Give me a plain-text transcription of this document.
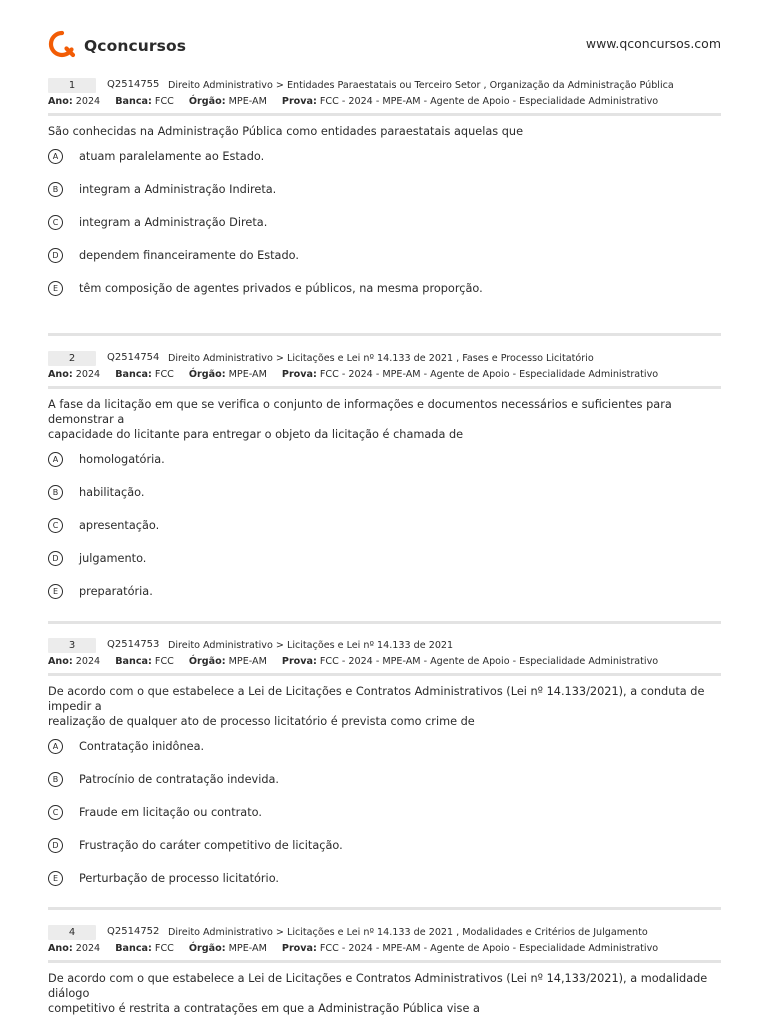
Qconcursos	www.qconcursos.com
1	Q2514755 Direito Administrativo > Entidades Paraestatais ou Terceiro Setor , Organização da Administração Pública
Ano: 2024 Banca: FCC Órgão: MPE-AM Prova: FCC - 2024 - MPE-AM - Agente de Apoio - Especialidade Administrativo
São conhecidas na Administração Pública como entidades paraestatais aquelas que
A	atuam paralelamente ao Estado.
B	integram a Administração Indireta.
C	integram a Administração Direta.
D	dependem financeiramente do Estado.
E	têm composição de agentes privados e públicos, na mesma proporção.
2	Q2514754 Direito Administrativo > Licitações e Lei nº 14.133 de 2021 , Fases e Processo Licitatório
Ano: 2024 Banca: FCC Órgão: MPE-AM Prova: FCC - 2024 - MPE-AM - Agente de Apoio - Especialidade Administrativo
A fase da licitação em que se verifica o conjunto de informações e documentos necessários e suficientes para demonstrar a
capacidade do licitante para entregar o objeto da licitação é chamada de
A	homologatória.
B	habilitação.
C	apresentação.
D	julgamento.
E	preparatória.
3	Q2514753 Direito Administrativo > Licitações e Lei nº 14.133 de 2021
Ano: 2024 Banca: FCC Órgão: MPE-AM Prova: FCC - 2024 - MPE-AM - Agente de Apoio - Especialidade Administrativo
De acordo com o que estabelece a Lei de Licitações e Contratos Administrativos (Lei nº 14.133/2021), a conduta de impedir a
realização de qualquer ato de processo licitatório é prevista como crime de
A	Contratação inidônea.
B	Patrocínio de contratação indevida.
C	Fraude em licitação ou contrato.
D	Frustração do caráter competitivo de licitação.
E	Perturbação de processo licitatório.
4	Q2514752 Direito Administrativo > Licitações e Lei nº 14.133 de 2021 , Modalidades e Critérios de Julgamento
Ano: 2024 Banca: FCC Órgão: MPE-AM Prova: FCC - 2024 - MPE-AM - Agente de Apoio - Especialidade Administrativo
De acordo com o que estabelece a Lei de Licitações e Contratos Administrativos (Lei nº 14,133/2021), a modalidade diálogo
competitivo é restrita a contratações em que a Administração Pública vise a
